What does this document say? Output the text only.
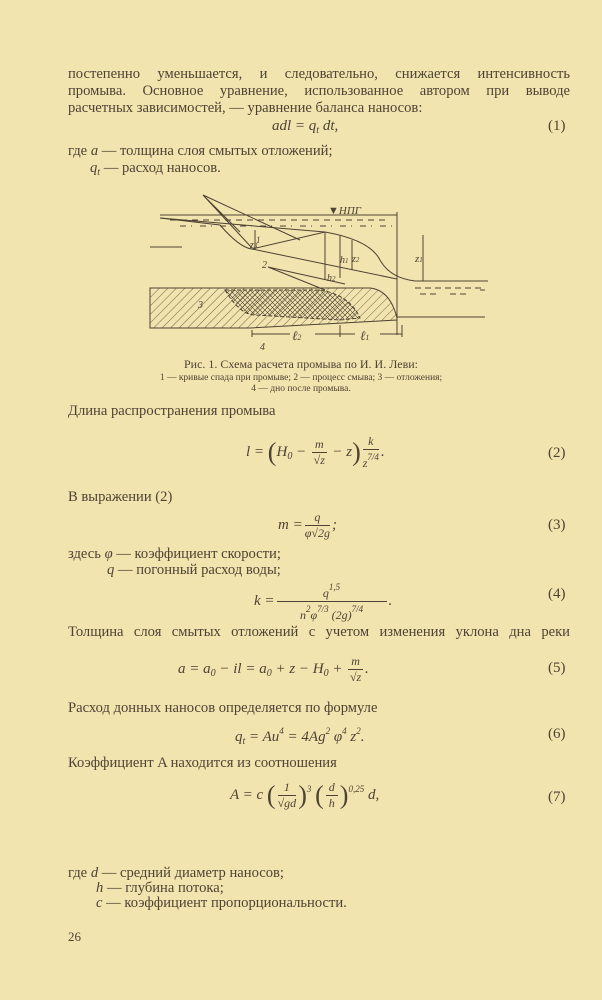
постепенно уменьшается, и следовательно, снижается интенсивность
промыва. Основное уравнение, использованное автором при выводе
расчетных зависимостей, — уравнение баланса наносов:
adl = $q_t$ dt,	(1)
где a — толщина слоя смытых отложений;
$q_t$ — расход наносов.
▼НПГ
z3
h1 z2	z1
h2
ℓ2	ℓ1
1
2
3
4
Рис. 1. Схема расчета промыва по И. И. Леви:
1 — кривые спада при промыве; 2 — процесс смыва; 3 — отложения;
4 — дно после промыва.
Длина распространения промыва
$l = (H_0 - \frac{m}{√z} - z) \frac{k}{z^{7/4}}$ .	(2)
В выражении (2)
$m = \frac{q}{\varphi√2g}$ ;	(3)
здесь φ — коэффициент скорости;
q — погонный расход воды;
$k = \frac{q^{1,5}}{n^2\varphi^{7/3} (2g)^{7/4}}$ .	(4)
Толщина слоя смытых отложений с учетом изменения уклона дна реки
$a = a_0$ − il = $a_0 + z - H_0 + \frac{m}{√z}$ .	(5)
Расход донных наносов определяется по формуле
$q_t = Au^4 = 4Ag^2$ $\varphi^4$ $z^2$.	(6)
Коэффициент A находится из соотношения
A = c ( $\frac{1}{√gd} )^3$ ( $\frac{d}{h} )^{0,25}$ d,	(7)
где d — средний диаметр наносов;
h — глубина потока;
c — коэффициент пропорциональности.
26
